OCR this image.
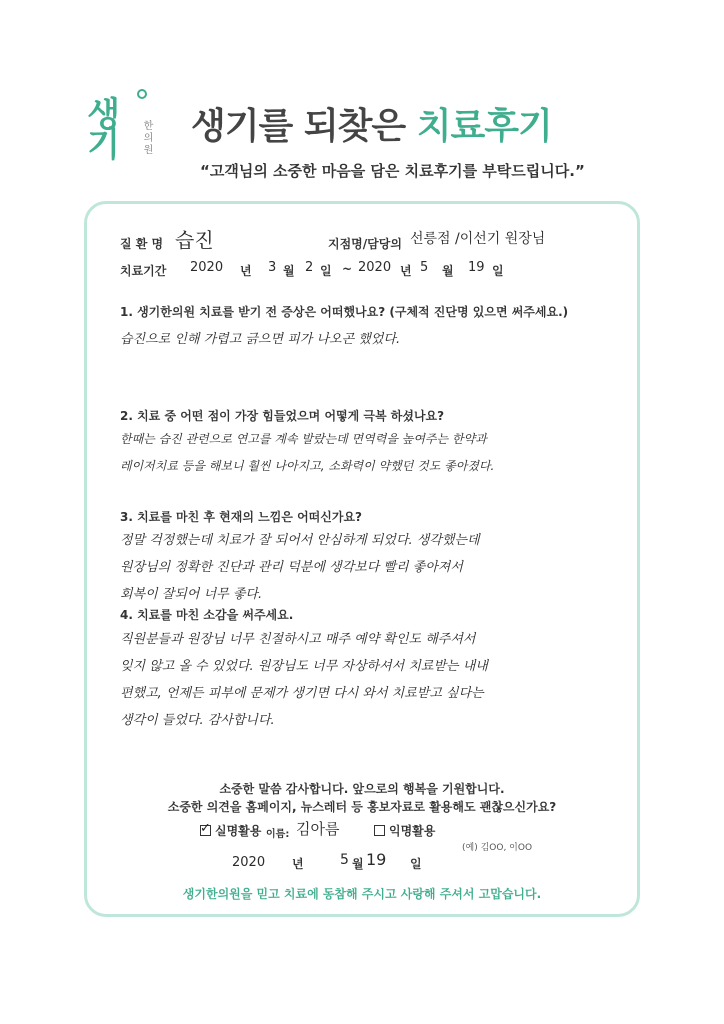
생기 한의원 생기를 되찾은 치료후기
“고객님의 소중한 마음을 담은 치료후기를 부탁드립니다.”
질 환 명 습진	지점명/담당의 선릉점 /이선기 원장님
치료기간 2020 년 3 월 2 일 ~ 2020 년 5 월 19 일
1. 생기한의원 치료를 받기 전 증상은 어떠했나요? (구체적 진단명 있으면 써주세요.)
습진으로 인해 가렵고 긁으면 피가 나오곤 했었다.
2. 치료 중 어떤 점이 가장 힘들었으며 어떻게 극복 하셨나요?
한때는 습진 관련으로 연고를 계속 발랐는데 면역력을 높여주는 한약과
레이저치료 등을 해보니 훨씬 나아지고, 소화력이 약했던 것도 좋아졌다.
3. 치료를 마친 후 현재의 느낌은 어떠신가요?
정말 걱정했는데 치료가 잘 되어서 안심하게 되었다. 생각했는데
원장님의 정확한 진단과 관리 덕분에 생각보다 빨리 좋아져서
회복이 잘되어 너무 좋다.
4. 치료를 마친 소감을 써주세요.
직원분들과 원장님 너무 친절하시고 매주 예약 확인도 해주셔서
잊지 않고 올 수 있었다. 원장님도 너무 자상하셔서 치료받는 내내
편했고, 언제든 피부에 문제가 생기면 다시 와서 치료받고 싶다는
생각이 들었다. 감사합니다.
소중한 말씀 감사합니다. 앞으로의 행복을 기원합니다.
소중한 의견을 홈페이지, 뉴스레터 등 홍보자료로 활용해도 괜찮으신가요?
✓
실명활용 이름: 김아름	익명활용
(예) 김OO, 이OO
2020 년	5 월 19 일
생기한의원을 믿고 치료에 동참해 주시고 사랑해 주셔서 고맙습니다.
